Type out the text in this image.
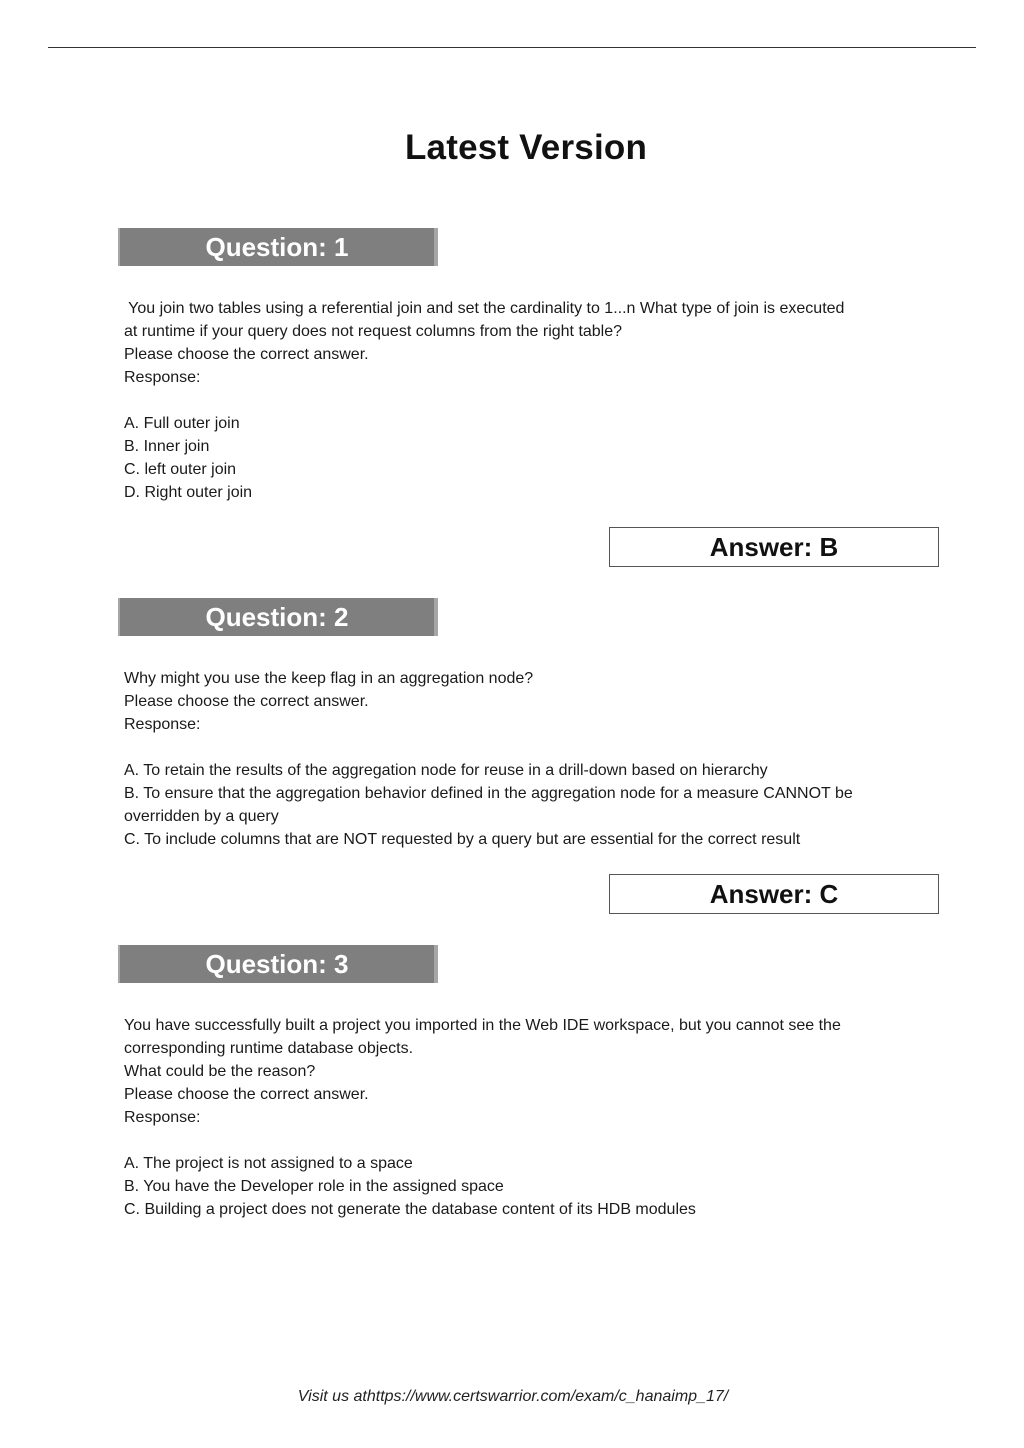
Latest Version
Question: 1

You join two tables using a referential join and set the cardinality to 1...n What type of join is executed

at runtime if your query does not request columns from the right table?

Please choose the correct answer.

Response:

A. Full outer join

B. Inner join

C. left outer join

D. Right outer join

Answer: B
Question: 2

Why might you use the keep flag in an aggregation node?

Please choose the correct answer.

Response:

A. To retain the results of the aggregation node for reuse in a drill-down based on hierarchy

B. To ensure that the aggregation behavior defined in the aggregation node for a measure CANNOT be

overridden by a query

C. To include columns that are NOT requested by a query but are essential for the correct result

Answer: C
Question: 3

You have successfully built a project you imported in the Web IDE workspace, but you cannot see the

corresponding runtime database objects.

What could be the reason?

Please choose the correct answer.

Response:

A. The project is not assigned to a space

B. You have the Developer role in the assigned space

C. Building a project does not generate the database content of its HDB modules

Visit us athttps://www.certswarrior.com/exam/c_hanaimp_17/
